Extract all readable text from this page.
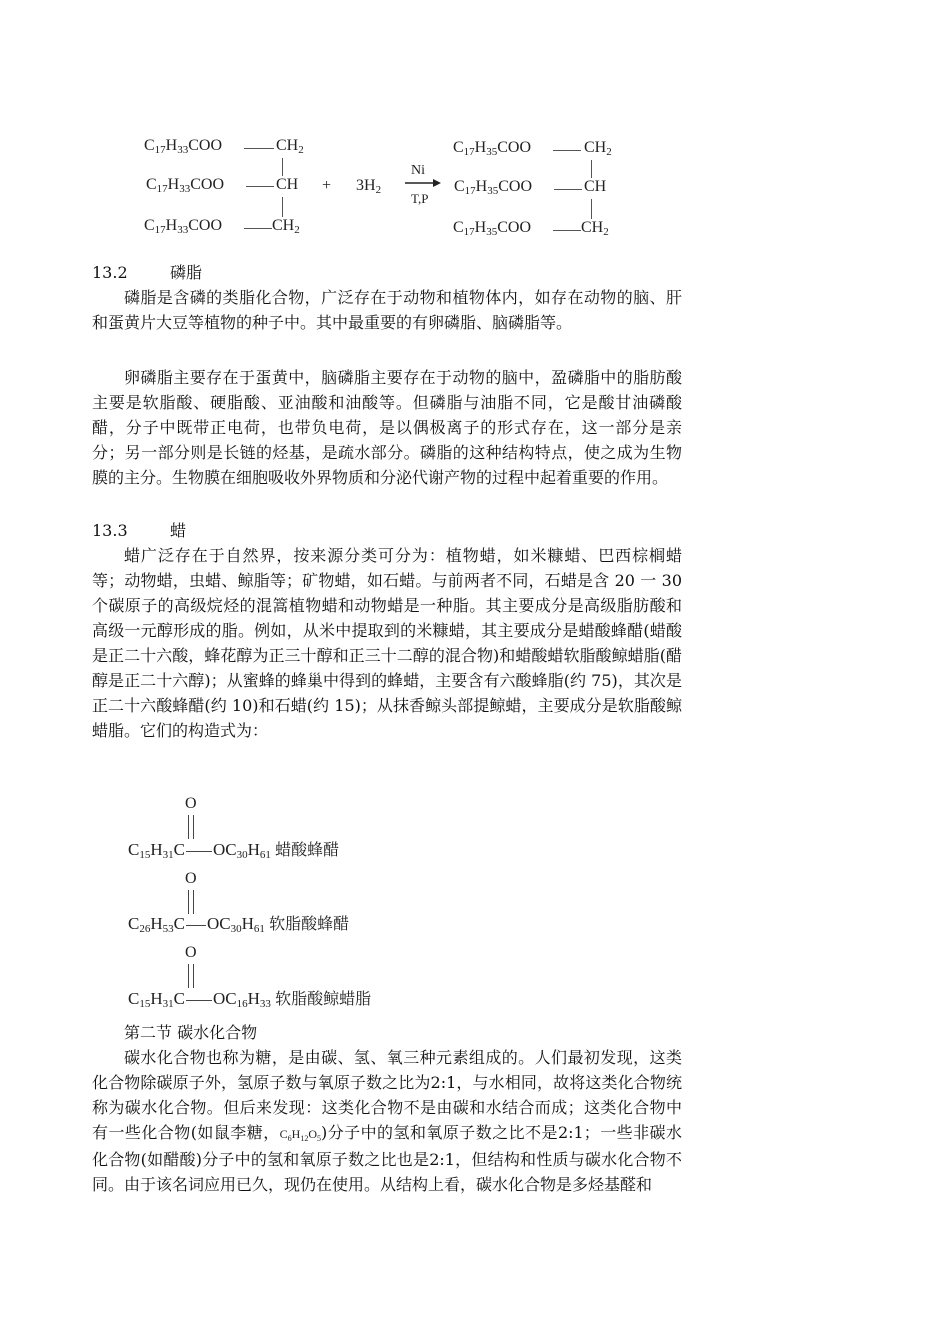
$C_{17}H_{33}COO$	$CH_2$
$C_{17}H_{33}COO$	CH
$C_{17}H_{33}COO$	$CH_2$
+ $3H_2$
Ni
T,P
$C_{17}H_{35}COO$	$CH_2$
$C_{17}H_{35}COO$	CH
$C_{17}H_{35}COO$	$CH_2$
13.2	磷脂

磷脂是含磷的类脂化合物，广泛存在于动物和植物体内，如存在动物的脑、肝和蛋黄片大豆等植物的种子中。其中最重要的有卵磷脂、脑磷脂等。

卵磷脂主要存在于蛋黄中，脑磷脂主要存在于动物的脑中，盈磷脂中的脂肪酸主要是软脂酸、硬脂酸、亚油酸和油酸等。但磷脂与油脂不同，它是酸甘油磷酸醋，分子中既带正电荷，也带负电荷，是以偶极离子的形式存在，这一部分是亲分；另一部分则是长链的烃基，是疏水部分。磷脂的这种结构特点，使之成为生物膜的主分。生物膜在细胞吸收外界物质和分泌代谢产物的过程中起着重要的作用。

13.3	蜡

蜡广泛存在于自然界，按来源分类可分为：植物蜡，如米糠蜡、巴西棕榈蜡等；动物蜡，虫蜡、鲸脂等；矿物蜡，如石蜡。与前两者不同，石蜡是含 20 一 30 个碳原子的高级烷烃的混篙植物蜡和动物蜡是一种脂。其主要成分是高级脂肪酸和高级一元醇形成的脂。例如，从米中提取到的米糠蜡，其主要成分是蜡酸蜂醋(蜡酸是正二十六酸，蜂花醇为正三十醇和正三十二醇的混合物)和蜡酸蜡软脂酸鲸蜡脂(醋醇是正二十六醇)；从蜜蜂的蜂巢中得到的蜂蜡，主要含有六酸蜂脂(约 75)，其次是正二十六酸蜂醋(约 10)和石蜡(约 15)；从抹香鲸头部提鲸蜡，主要成分是软脂酸鲸蜡脂。它们的构造式为：

O
$C_{15}H_{31}C$ $OC_{30}H_{61}$ 蜡酸蜂醋
O
$C_{26}H_{53}C$ $OC_{30}H_{61}$ 软脂酸蜂醋
O
$C_{15}H_{31}C$ $OC_{16}H_{33}$ 软脂酸鲸蜡脂
第二节 碳水化合物

碳水化合物也称为糖，是由碳、氢、氧三种元素组成的。人们最初发现，这类化合物除碳原子外，氢原子数与氧原子数之比为2:1，与水相同，故将这类化合物统称为碳水化合物。但后来发现：这类化合物不是由碳和水结合而成；这类化合物中有一些化合物(如鼠李糖，$C_6H_{12}O_5$)分子中的氢和氧原子数之比不是2:1；一些非碳水化合物(如醋酸)分子中的氢和氧原子数之比也是2:1，但结构和性质与碳水化合物不同。由于该名词应用已久，现仍在使用。从结构上看，碳水化合物是多烃基醛和
